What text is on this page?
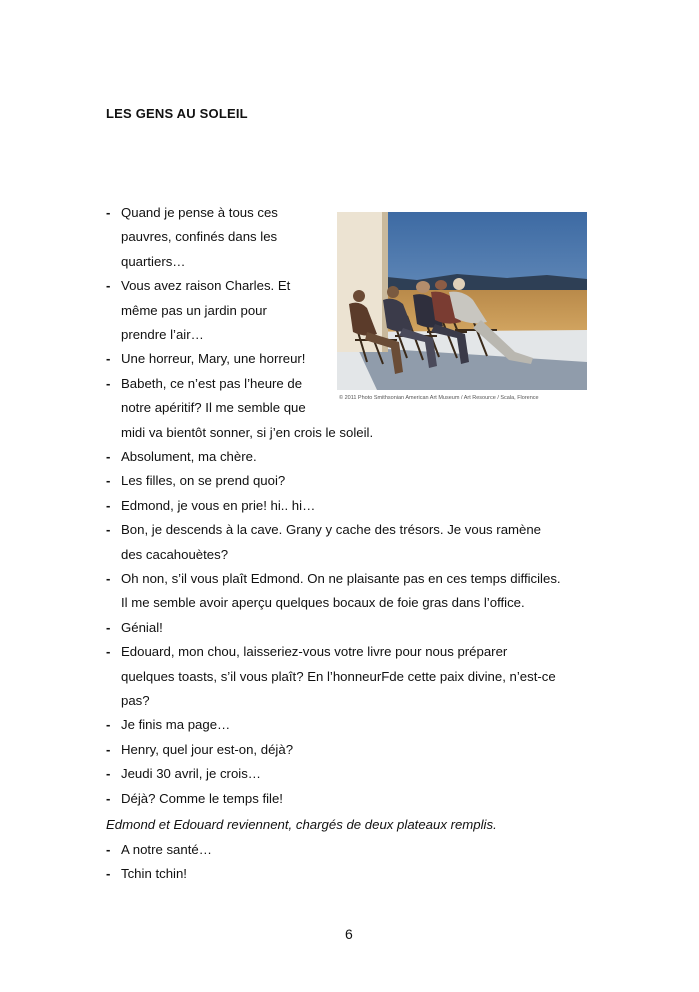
LES GENS AU SOLEIL
© 2011 Photo Smithsonian American Art Museum / Art Resource / Scala, Florence
- Quand je pense à tous ces
pauvres, confinés dans les
quartiers…
- Vous avez raison Charles. Et
même pas un jardin pour
prendre l’air…
- Une horreur, Mary, une horreur!
- Babeth, ce n’est pas l’heure de
notre apéritif? Il me semble que
midi va bientôt sonner, si j’en crois le soleil.
- Absolument, ma chère.
- Les filles, on se prend quoi?
- Edmond, je vous en prie! hi.. hi…
- Bon, je descends à la cave. Grany y cache des trésors. Je vous ramène
des cacahouètes?
- Oh non, s’il vous plaît Edmond. On ne plaisante pas en ces temps difficiles.
Il me semble avoir aperçu quelques bocaux de foie gras dans l’office.
- Génial!
- Edouard, mon chou, laisseriez-vous votre livre pour nous préparer
quelques toasts, s’il vous plaît? En l’honneurFde cette paix divine, n’est-ce
pas?
- Je finis ma page…
- Henry, quel jour est-on, déjà?
- Jeudi 30 avril, je crois…
- Déjà? Comme le temps file!
Edmond et Edouard reviennent, chargés de deux plateaux remplis.
- A notre santé…
- Tchin tchin!
6
